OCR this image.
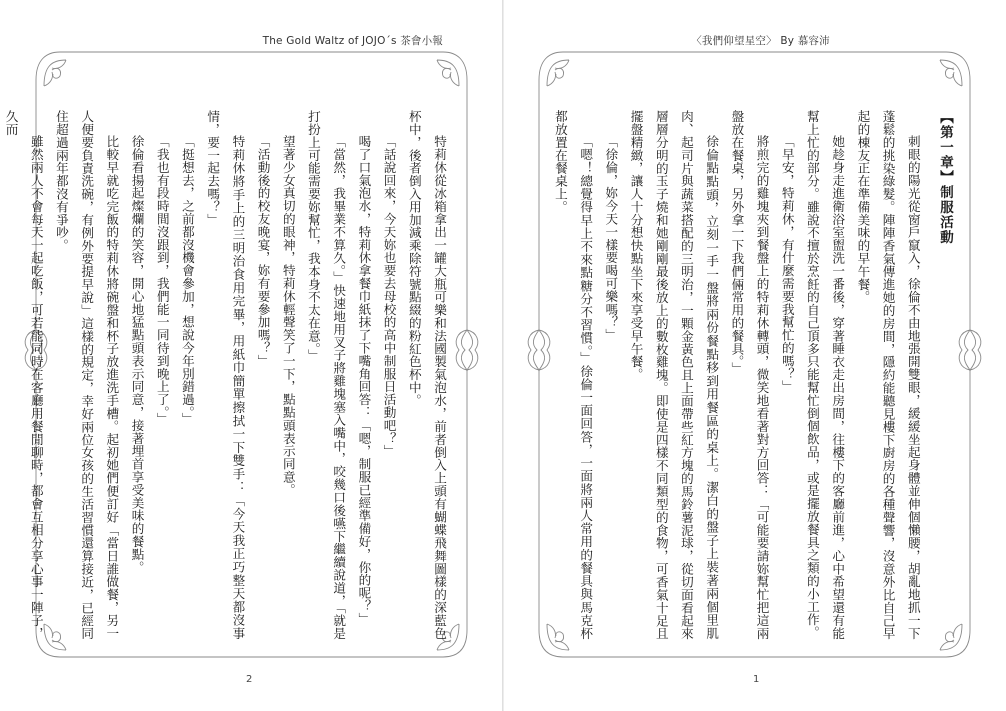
The Gold Waltz of JOJO´s 茶會小報

特莉休從冰箱拿出一罐大瓶可樂和法國製氣泡水，前者倒入上頭有蝴蝶飛舞圖樣的深藍色杯中，後者倒入用加減乘除符號點綴的粉紅色杯中。

「話說回來，今天妳也要去母校的高中制服日活動吧？」

喝了口氣泡水，特莉休拿餐巾紙抹了下嘴角回答：「嗯，制服已經準備好，你的呢？」

「當然，我畢業不算久。」快速地用叉子將雞塊塞入嘴中，咬幾口後嚥下繼續說道，「就是打扮上可能需要妳幫忙，我本身不太在意。」

望著少女真切的眼神，特莉休輕聲笑了一下，點點頭表示同意。

「活動後的校友晚宴，妳有要參加嗎？」

特莉休將手上的三明治食用完畢，用紙巾簡單擦拭一下雙手：「今天我正巧整天都沒事情，要一起去嗎？」

「挺想去，之前都沒機會參加，想說今年別錯過。」

「我也有段時間沒跟到，我們能一同待到晚上了。」

徐倫看揚起燦爛的笑容，開心地猛點頭表示同意，接著埋首享受美味的餐點。

比較早就吃完飯的特莉休將碗盤和杯子放進洗手槽。起初她們便訂好「當日誰做餐，另一人便要負責洗碗，有例外要提早說」這樣的規定，幸好兩位女孩的生活習慣還算接近，已經同住超過兩年都沒有爭吵。

雖然兩人不會每天一起吃飯，可若能同時在客廳用餐閒聊時，都會互相分享心事一陣子，久而

2
〈我們仰望星空〉 By 慕容沛

【第一章】制服活動

刺眼的陽光從窗戶竄入，徐倫不由地張開雙眼，緩緩坐起身體並伸個懶腰，胡亂地抓一下蓬鬆的挑染綠髮。陣陣香氣傳進她的房間，隱約能聽見樓下廚房的各種聲響，沒意外比自己早起的棟友正在準備美味的早午餐。

她趁身走進衛浴室盥洗一番後，穿著睡衣走出房間，往樓下的客廳前進，心中希望還有能幫上忙的部分。雖說不擅於烹飪的自己頂多只能幫忙倒個飲品，或是擺放餐具之類的小工作。

「早安，特莉休，有什麼需要我幫忙的嗎？」

將煎完的雞塊夾到餐盤上的特莉休轉頭，微笑地看著對方回答：「可能要請妳幫忙把這兩盤放在餐桌，另外拿一下我們倆常用的餐具。」

徐倫點點頭，立刻一手一盤將兩份餐點移到用餐區的桌上。潔白的盤子上裝著兩個里肌肉、起司片與蔬菜搭配的三明治，一顆金黃色且上面帶些紅方塊的馬鈴薯泥球，從切面看起來層層分明的玉子燒和她剛剛最後放上的數枚雞塊。即使是四樣不同類型的食物，可香氣十足且擺盤精緻，讓人十分想快點坐下來享受早午餐。

「徐倫，妳今天一樣要喝可樂嗎？」

「嗯！總覺得早上不來點糖分不習慣。」徐倫一面回答，一面將兩人常用的餐具與馬克杯都放置在餐桌上。

1
